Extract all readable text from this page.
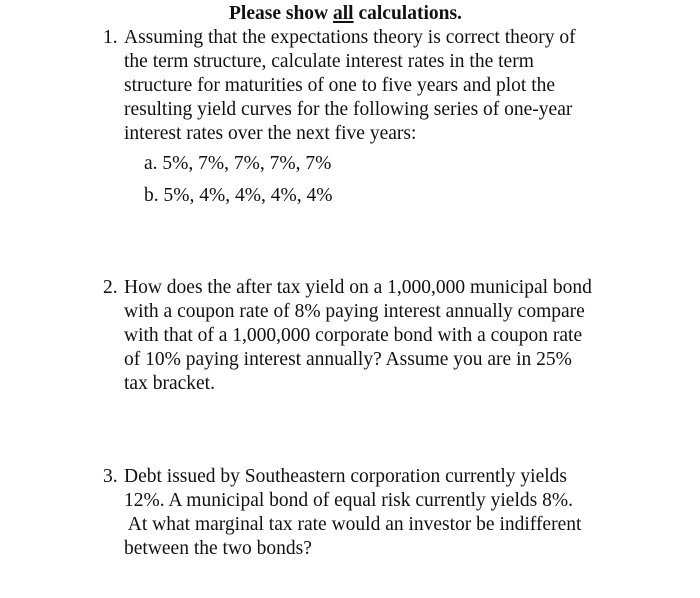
Please show all calculations.
1. Assuming that the expectations theory is correct theory of
the term structure, calculate interest rates in the term
structure for maturities of one to five years and plot the
resulting yield curves for the following series of one-year
interest rates over the next five years:
a. 5%, 7%, 7%, 7%, 7%
b. 5%, 4%, 4%, 4%, 4%
2. How does the after tax yield on a 1,000,000 municipal bond
with a coupon rate of 8% paying interest annually compare
with that of a 1,000,000 corporate bond with a coupon rate
of 10% paying interest annually? Assume you are in 25%
tax bracket.
3. Debt issued by Southeastern corporation currently yields
12%. A municipal bond of equal risk currently yields 8%.
At what marginal tax rate would an investor be indifferent
between the two bonds?
